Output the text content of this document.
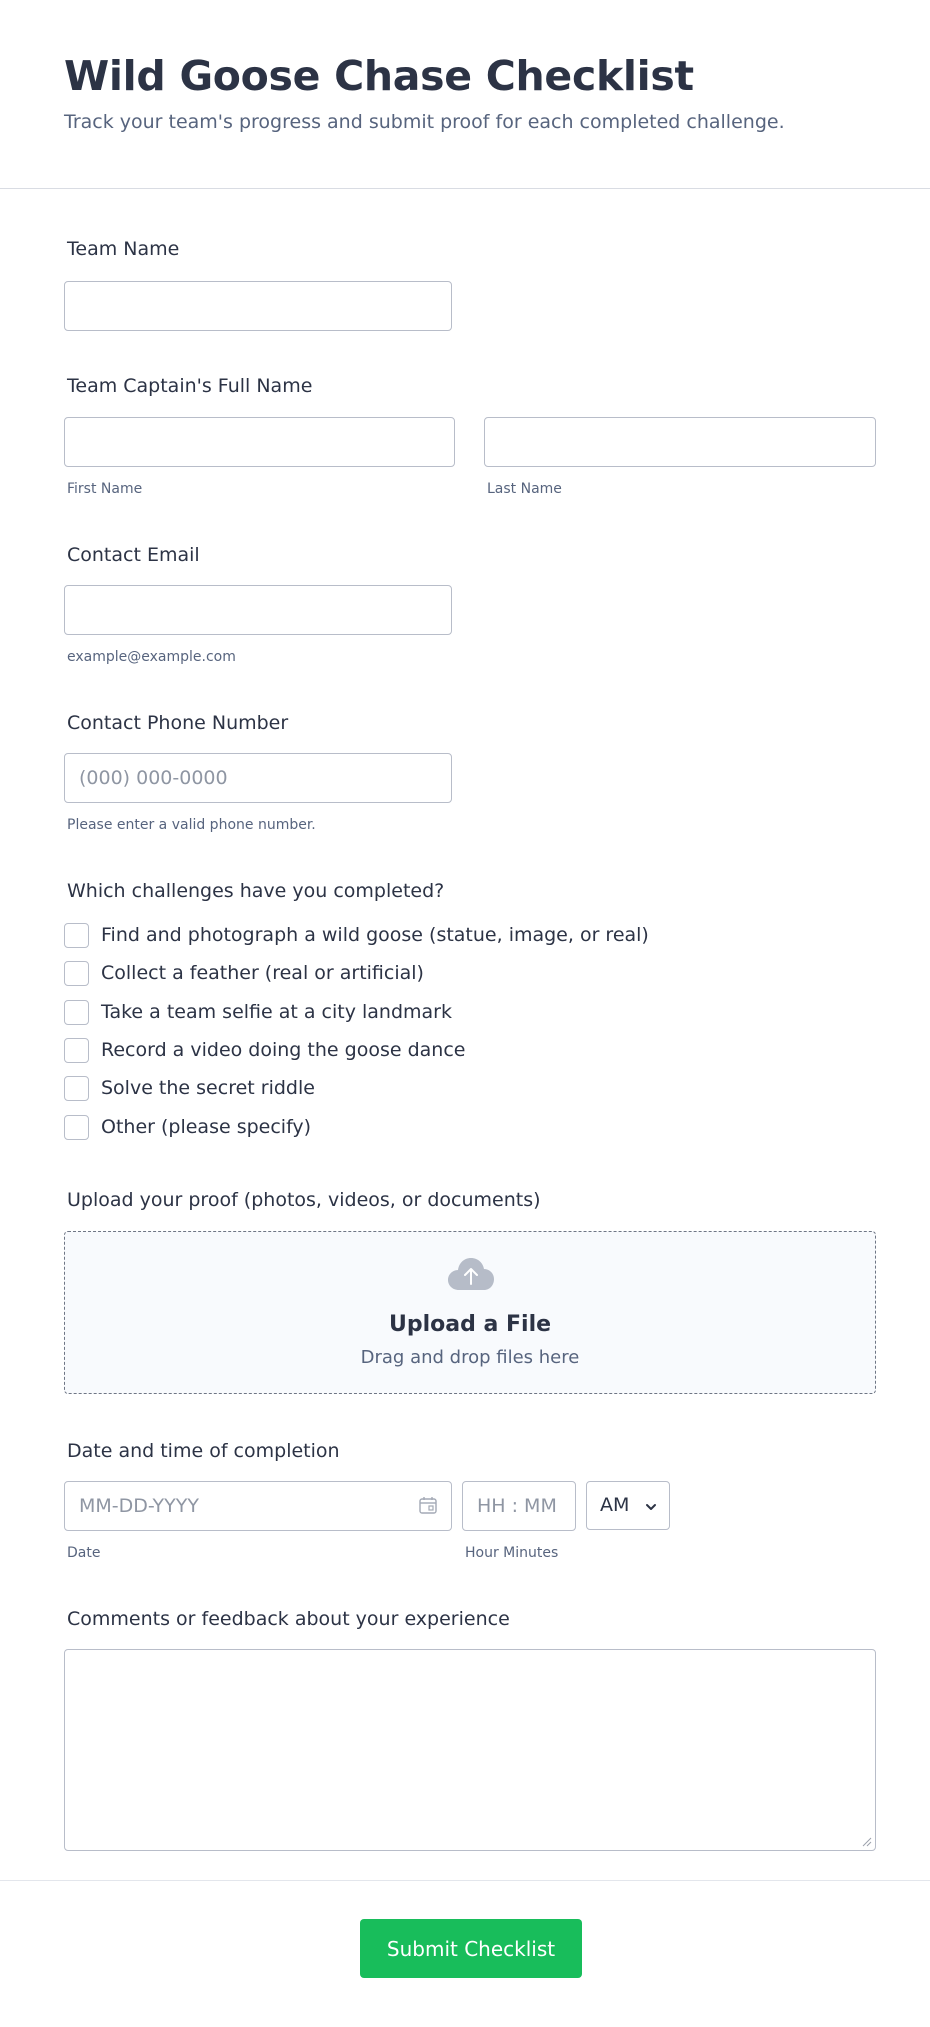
Wild Goose Chase Checklist
Track your team's progress and submit proof for each completed challenge.
Team Name
Team Captain's Full Name
First Name	Last Name
Contact Email
example@example.com
Contact Phone Number
(000) 000-0000
Please enter a valid phone number.
Which challenges have you completed?
Find and photograph a wild goose (statue, image, or real)
Collect a feather (real or artificial)
Take a team selfie at a city landmark
Record a video doing the goose dance
Solve the secret riddle
Other (please specify)
Upload your proof (photos, videos, or documents)
Upload a File
Drag and drop files here
Date and time of completion
MM-DD-YYYY
HH : MM
AM
Date	Hour Minutes
Comments or feedback about your experience
Submit Checklist
